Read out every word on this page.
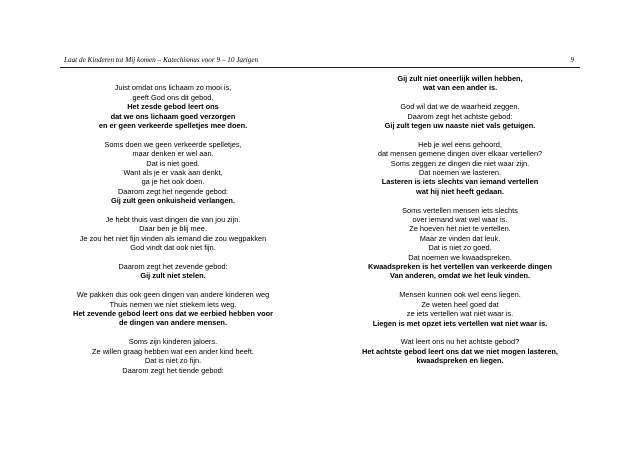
Laat de Kinderen tot Mij komen – Katechismus voor 9 – 10 Jarigen	9
Juist omdat ons lichaam zo mooi is,
geeft God ons dit gebod.
Het zesde gebod leert ons
dat we ons lichaam goed verzorgen
en er geen verkeerde spelletjes mee doen.
Soms doen we geen verkeerde spelletjes,
maar denken er wel aan.
Dat is niet goed.
Want als je er vaak aan denkt,
ga je het ook doen.
Daarom zegt het negende gebod:
Gij zult geen onkuisheid verlangen.
Je hebt thuis vast dingen die van jou zijn.
Daar ben je blij mee.
Je zou het niet fijn vinden als iemand die zou wegpakken
God vindt dat ook niet fijn.
Daarom zegt het zevende gebod:
Gij zult niet stelen.
We pakken dus ook geen dingen van andere kinderen weg
Thuis nemen we niet stiekem iets weg.
Het zevende gebod leert ons dat we eerbied hebben voor
de dingen van andere mensen.
Soms zijn kinderen jaloers.
Ze willen graag hebben wat een ander kind heeft.
Dat is niet zo fijn.
Daarom zegt het tiende gebod:
Gij zult niet oneerlijk willen hebben,
wat van een ander is.
God wil dat we de waarheid zeggen.
Daarom zegt het achtste gebod:
Gij zult tegen uw naaste niet vals getuigen.
Heb je wel eens gehoord,
dat mensen gemene dingen over elkaar vertellen?
Soms zeggen ze dingen die niet waar zijn.
Dat noemen we lasteren.
Lasteren is iets slechts van iemand vertellen
wat hij niet heeft gedaan.
Soms vertellen mensen iets slechts
over iemand wat wel waar is.
Ze hoeven het niet te vertellen.
Maar ze vinden dat leuk.
Dat is niet zo goed.
Dat noemen we kwaadspreken.
Kwaadspreken is het vertellen van verkeerde dingen
Van anderen, omdat we het leuk vinden.
Mensen kunnen ook wel eens liegen.
Ze weten heel goed dat
ze iets vertellen wat niet waar is.
Liegen is met opzet iets vertellen wat niet waar is.
Wat leert ons nu het achtste gebod?
Het achtste gebod leert ons dat we niet mogen lasteren,
kwaadspreken en liegen.
